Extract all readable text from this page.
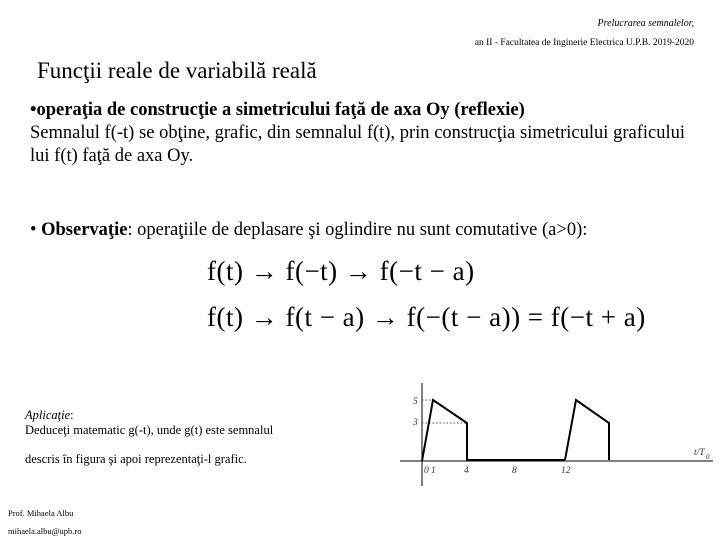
Prelucrarea semnalelor,
an II - Facultatea de Inginerie Electrica U.P.B. 2019-2020
Funcţii reale de variabilă reală
•operaţia de construcţie a simetricului faţă de axa Oy (reflexie)
Semnalul f(-t) se obţine, grafic, din semnalul f(t), prin construcţia simetricului graficului lui f(t) faţă de axa Oy.
• Observaţie: operaţiile de deplasare şi oglindire nu sunt comutative (a>0):
f(t) → f(−t) → f(−t − a)
f(t) → f(t − a) → f(−(t − a)) = f(−t + a)
Aplicaţie:
Deduceţi matematic g(-t), unde g(t) este semnalul
descris în figura şi apoi reprezentaţi-l grafic.
Prof. Mihaela Albu
mihaela.albu@upb.ro
5
3
0 1	4	8	12
t/T 0
